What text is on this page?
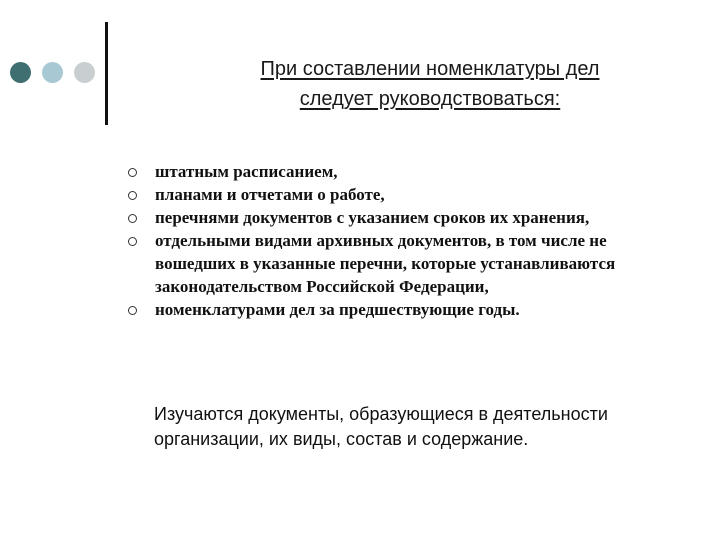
При составлении номенклатуры дел
следует руководствоваться:
штатным расписанием,
планами и отчетами о работе,
перечнями документов с указанием сроков их хранения,
отдельными видами архивных документов, в том числе не вошедших в указанные перечни, которые устанавливаются законодательством Российской Федерации,
номенклатурами дел за предшествующие годы.
Изучаются документы, образующиеся в деятельности организации, их виды, состав и содержание.
